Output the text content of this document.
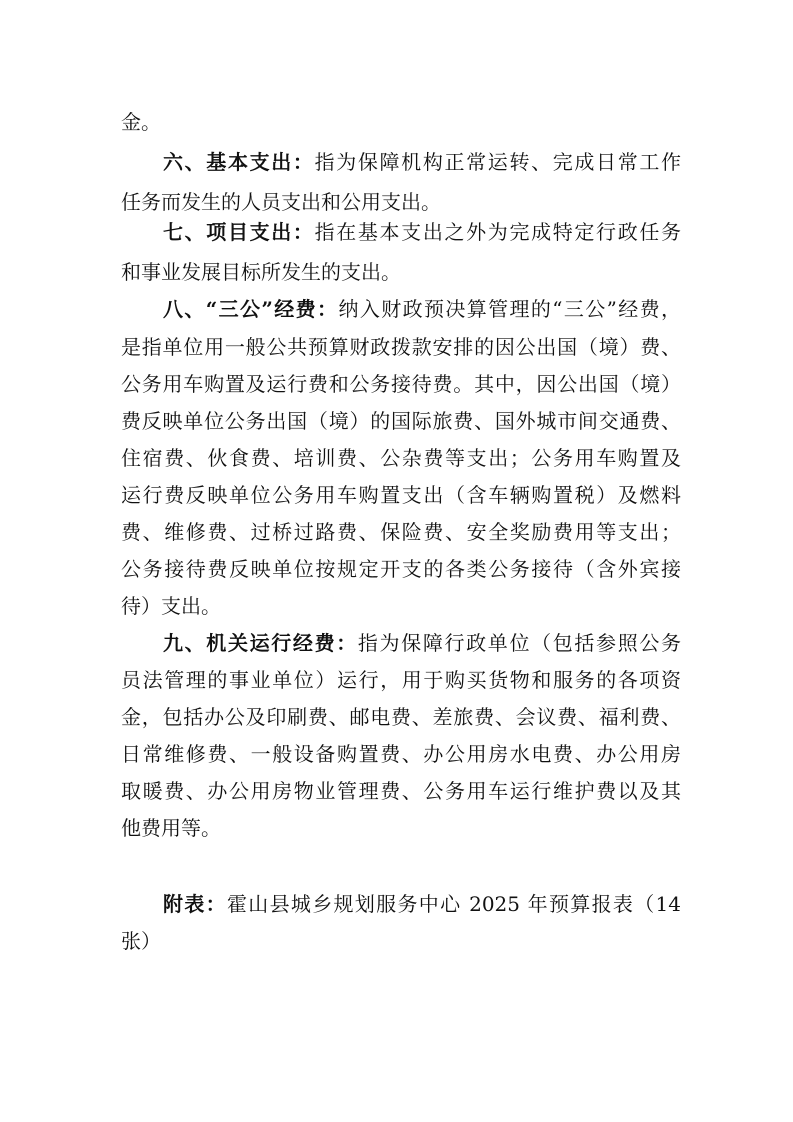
金。
六、基本支出：指为保障机构正常运转、完成日常工作
任务而发生的人员支出和公用支出。
七、项目支出：指在基本支出之外为完成特定行政任务
和事业发展目标所发生的支出。
八、“三公”经费：纳入财政预决算管理的“三公”经费，
是指单位用一般公共预算财政拨款安排的因公出国（境）费、
公务用车购置及运行费和公务接待费。其中，因公出国（境）
费反映单位公务出国（境）的国际旅费、国外城市间交通费、
住宿费、伙食费、培训费、公杂费等支出；公务用车购置及
运行费反映单位公务用车购置支出（含车辆购置税）及燃料
费、维修费、过桥过路费、保险费、安全奖励费用等支出；
公务接待费反映单位按规定开支的各类公务接待（含外宾接
待）支出。
九、机关运行经费：指为保障行政单位（包括参照公务
员法管理的事业单位）运行，用于购买货物和服务的各项资
金，包括办公及印刷费、邮电费、差旅费、会议费、福利费、
日常维修费、一般设备购置费、办公用房水电费、办公用房
取暖费、办公用房物业管理费、公务用车运行维护费以及其
他费用等。
附表：霍山县城乡规划服务中心 2025 年预算报表（14
张）
